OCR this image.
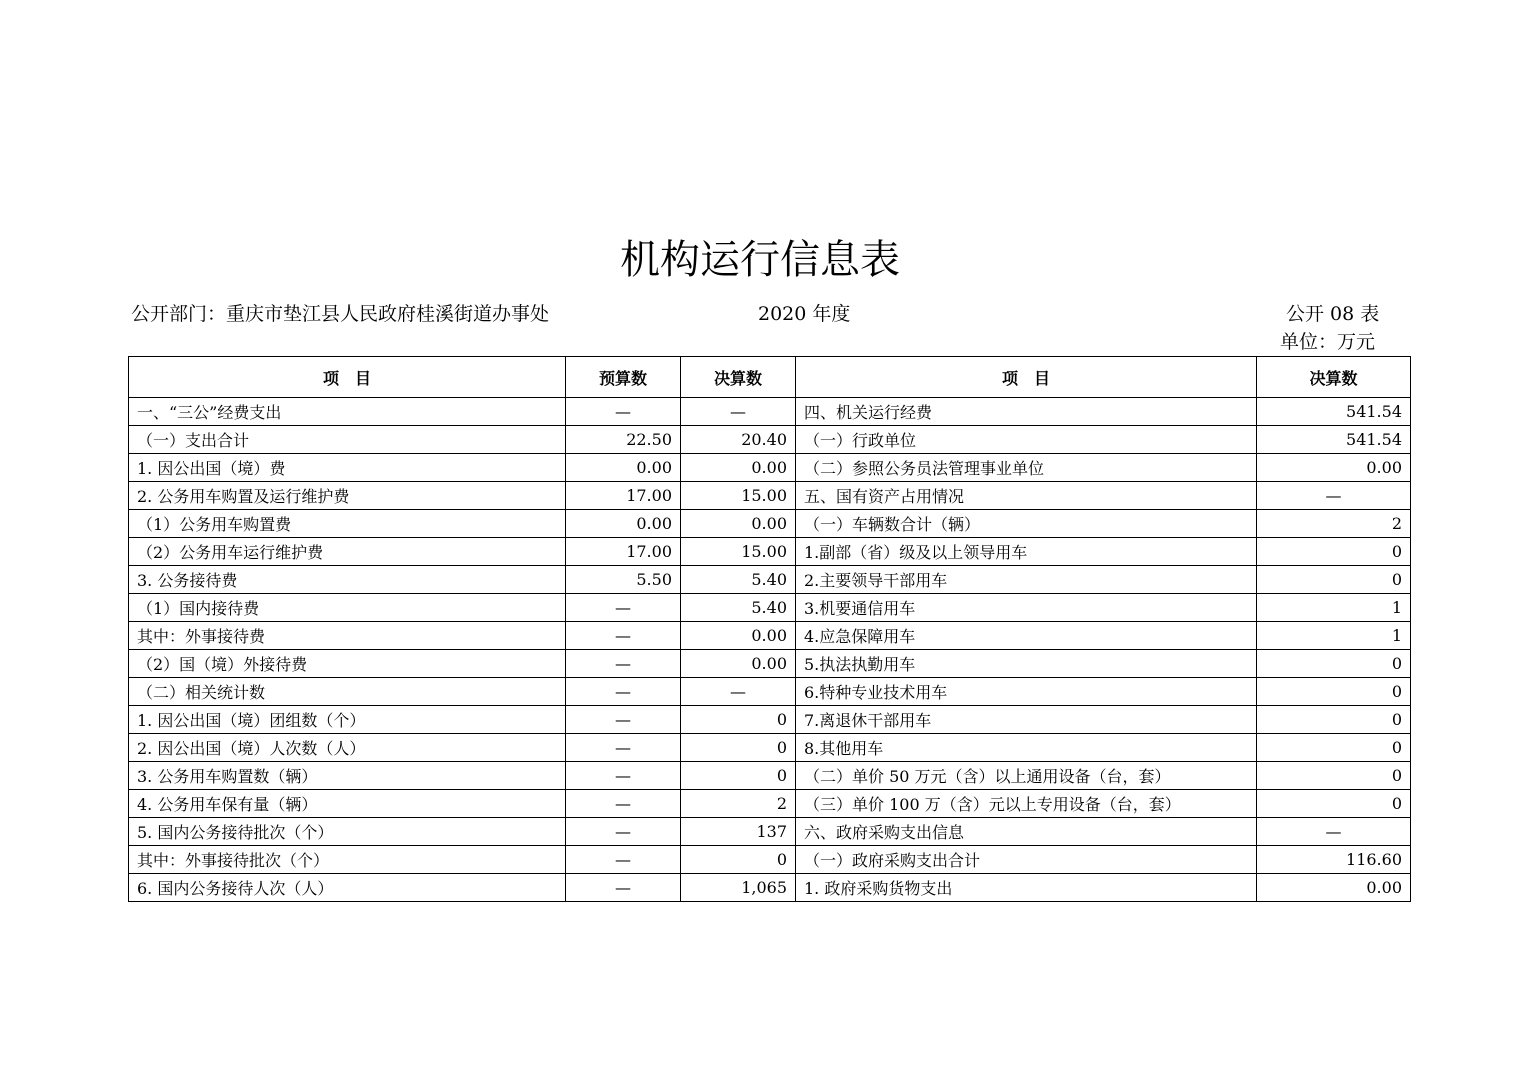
机构运行信息表
公开部门：重庆市垫江县人民政府桂溪街道办事处	2020 年度	公开 08 表
单位：万元
项　目	预算数	决算数	项　目	决算数
一、“三公”经费支出	—	—	四、机关运行经费	541.54
（一）支出合计	22.50	20.40	（一）行政单位	541.54
1. 因公出国（境）费	0.00	0.00	（二）参照公务员法管理事业单位	0.00
2. 公务用车购置及运行维护费	17.00	15.00	五、国有资产占用情况	—
（1）公务用车购置费	0.00	0.00	（一）车辆数合计（辆）	2
（2）公务用车运行维护费	17.00	15.00	1.副部（省）级及以上领导用车	0
3. 公务接待费	5.50	5.40	2.主要领导干部用车	0
（1）国内接待费	—	5.40	3.机要通信用车	1
其中：外事接待费	—	0.00	4.应急保障用车	1
（2）国（境）外接待费	—	0.00	5.执法执勤用车	0
（二）相关统计数	—	—	6.特种专业技术用车	0
1. 因公出国（境）团组数（个）	—	0	7.离退休干部用车	0
2. 因公出国（境）人次数（人）	—	0	8.其他用车	0
3. 公务用车购置数（辆）	—	0	（二）单价 50 万元（含）以上通用设备（台，套）	0
4. 公务用车保有量（辆）	—	2	（三）单价 100 万（含）元以上专用设备（台，套）	0
5. 国内公务接待批次（个）	—	137	六、政府采购支出信息	—
其中：外事接待批次（个）	—	0	（一）政府采购支出合计	116.60
6. 国内公务接待人次（人）	—	1,065	1. 政府采购货物支出	0.00
